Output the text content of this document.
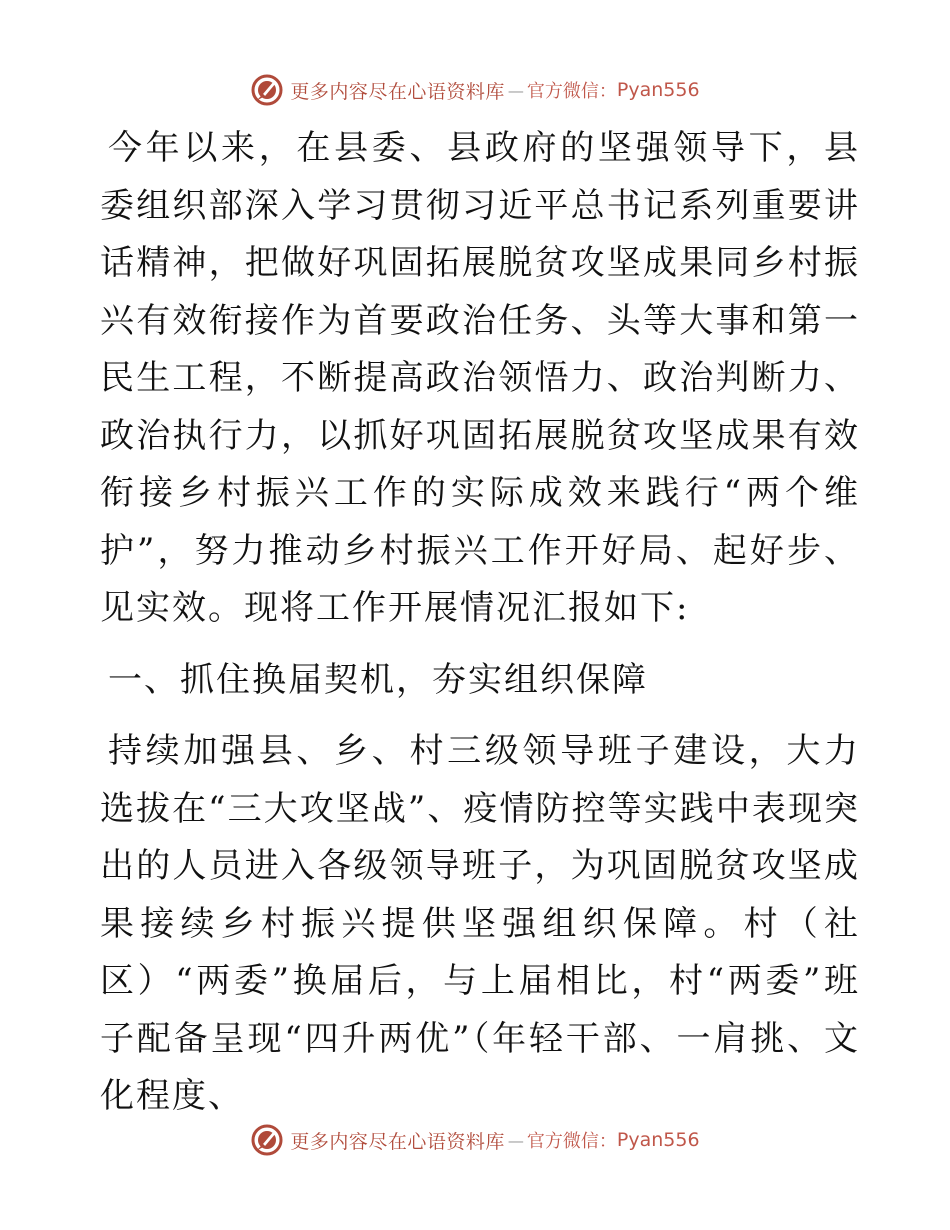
更多内容尽在心语资料库 — 官方微信： Pyan556

今年以来，在县委、县政府的坚强领导下，县委组织部深入学习贯彻习近平总书记系列重要讲话精神，把做好巩固拓展脱贫攻坚成果同乡村振兴有效衔接作为首要政治任务、头等大事和第一民生工程，不断提高政治领悟力、政治判断力、政治执行力，以抓好巩固拓展脱贫攻坚成果有效衔接乡村振兴工作的实际成效来践行“两个维护”，努力推动乡村振兴工作开好局、起好步、见实效。现将工作开展情况汇报如下:

一、抓住换届契机，夯实组织保障

持续加强县、乡、村三级领导班子建设，大力选拔在“三大攻坚战”、疫情防控等实践中表现突出的人员进入各级领导班子，为巩固脱贫攻坚成果接续乡村振兴提供坚强组织保障。村（社区）“两委”换届后，与上届相比，村“两委”班子配备呈现“四升两优”（年轻干部、一肩挑、文化程度、

更多内容尽在心语资料库 — 官方微信： Pyan556
